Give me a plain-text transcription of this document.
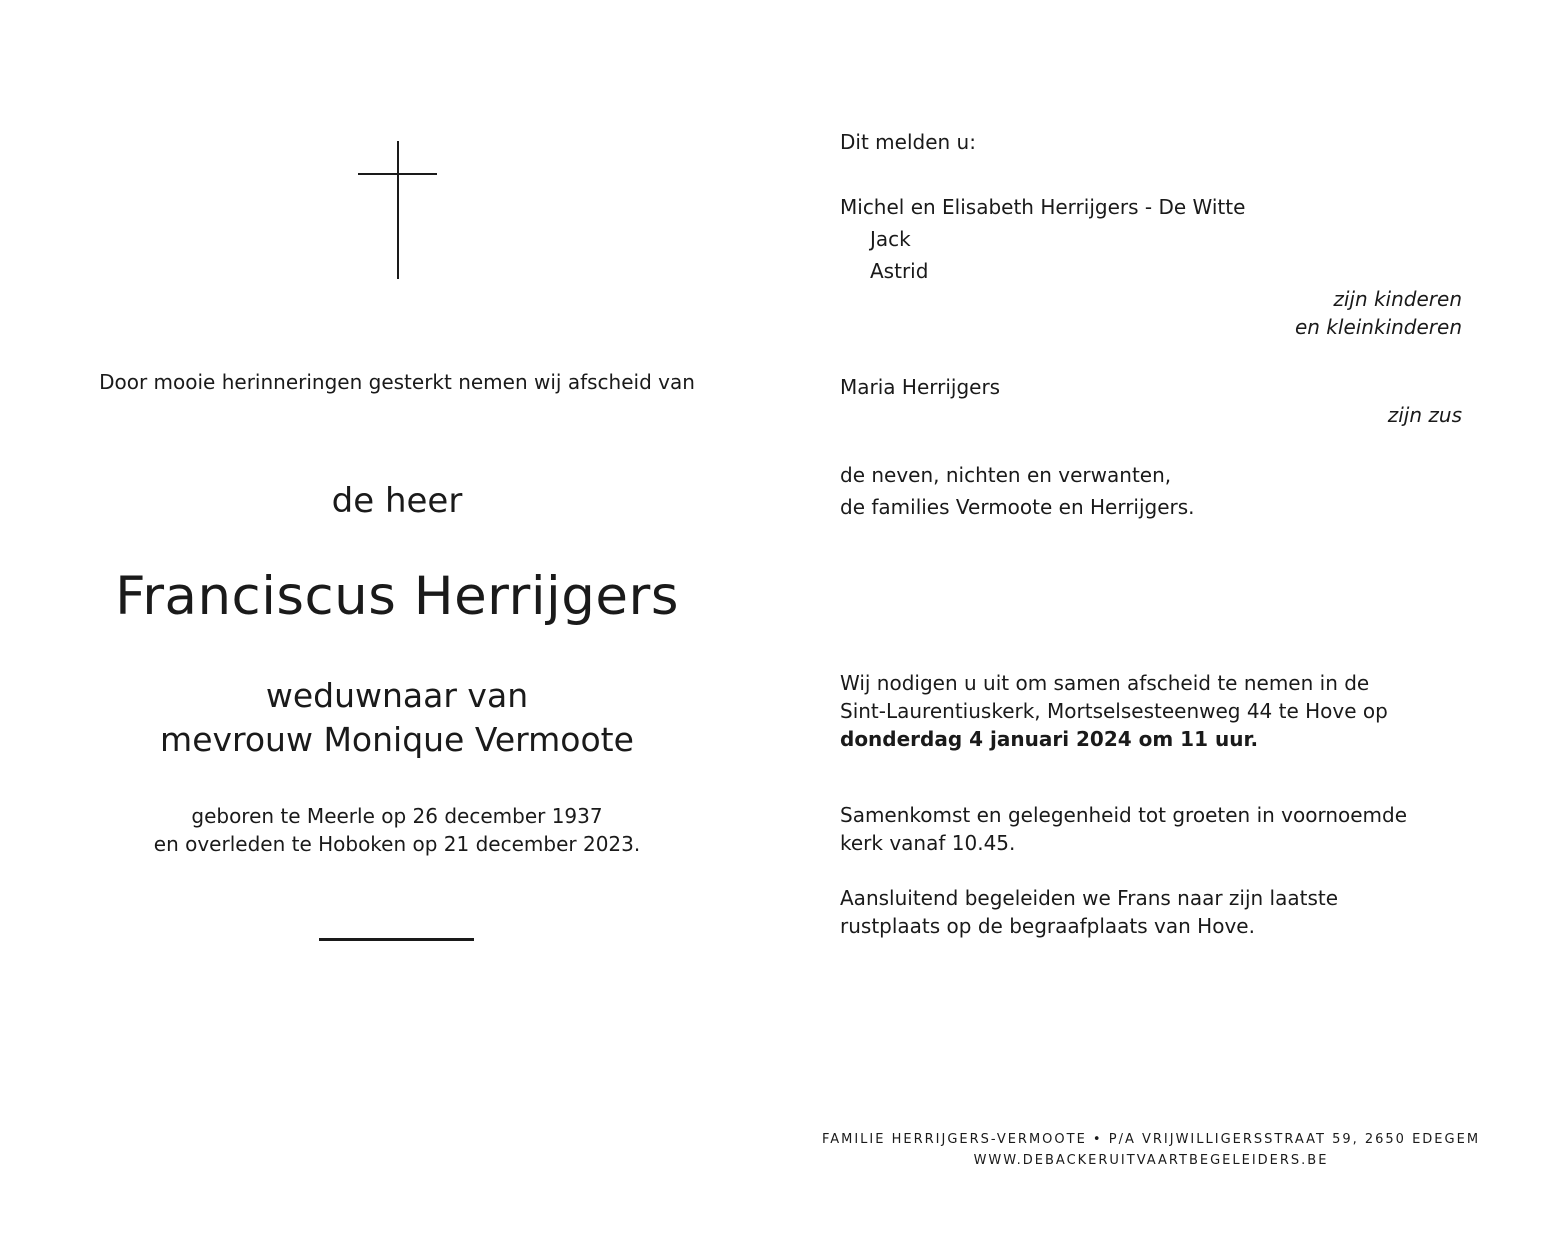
Door mooie herinneringen gesterkt nemen wij afscheid van
de heer
Franciscus Herrijgers
weduwnaar van
mevrouw Monique Vermoote
geboren te Meerle op 26 december 1937
en overleden te Hoboken op 21 december 2023.
Dit melden u:
Michel en Elisabeth Herrijgers - De Witte
Jack
Astrid
zijn kinderen
en kleinkinderen
Maria Herrijgers
zijn zus
de neven, nichten en verwanten,
de families Vermoote en Herrijgers.
Wij nodigen u uit om samen afscheid te nemen in de
Sint-Laurentiuskerk, Mortselsesteenweg 44 te Hove op
donderdag 4 januari 2024 om 11 uur.
Samenkomst en gelegenheid tot groeten in voornoemde
kerk vanaf 10.45.
Aansluitend begeleiden we Frans naar zijn laatste
rustplaats op de begraafplaats van Hove.
FAMILIE HERRIJGERS-VERMOOTE • P/A VRIJWILLIGERSSTRAAT 59, 2650 EDEGEM
WWW.DEBACKERUITVAARTBEGELEIDERS.BE
